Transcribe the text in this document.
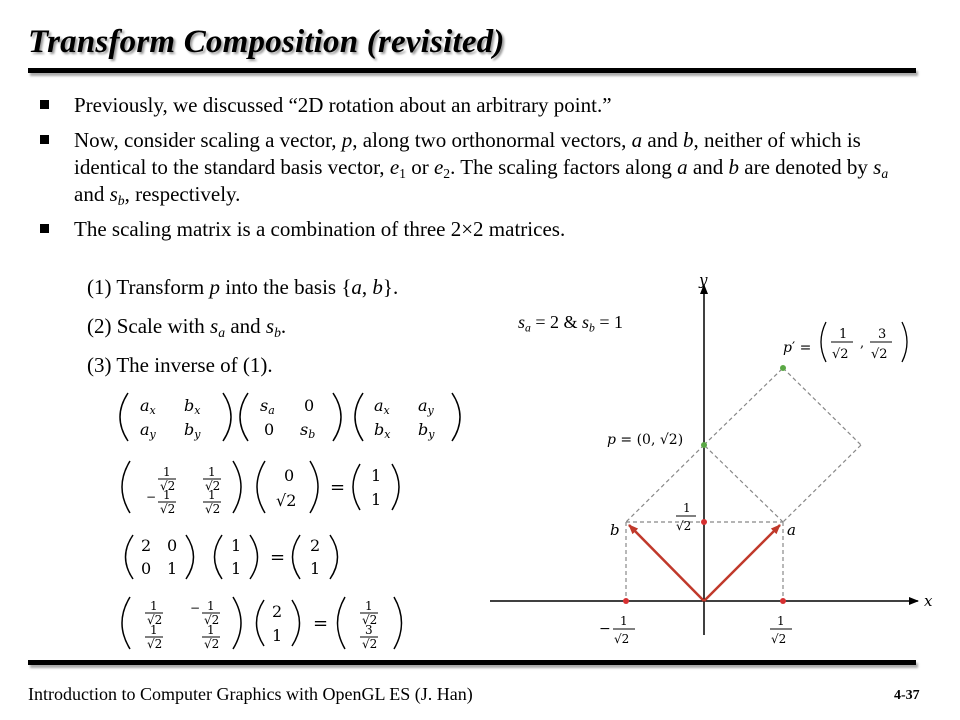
Transform Composition (revisited)
Previously, we discussed “2D rotation about an arbitrary point.”
Now, consider scaling a vector, p, along two orthonormal vectors, a and b, neither of which is identical to the standard basis vector, $e_1$ or $e_2$. The scaling factors along a and b are denoted by $s_a$ and $s_b$, respectively.
The scaling matrix is a combination of three 2×2 matrices.
(1) Transform p into the basis {a, b}.
(2) Scale with $s_a$ and $s_b$.
(3) The inverse of (1).
$s_a = 2$ & $s_b = 1$
ax bx
ay by
sa 0
0 sb
ax ay
bx by
1
√2
1
√2
− 1
√2
1
√2
0
√2
=
1
1
2 0
0 1
1
1
=
2
1
1
√2
− 1
√2
1
√2
1
√2
2
1
=
1
√2
3
√2
x
y
a
b
1
√2
− 1
√2
1
√2
p = (0, √2)
p′ =
1
√2
,
3
√2
Introduction to Computer Graphics with OpenGL ES (J. Han)	4-37
